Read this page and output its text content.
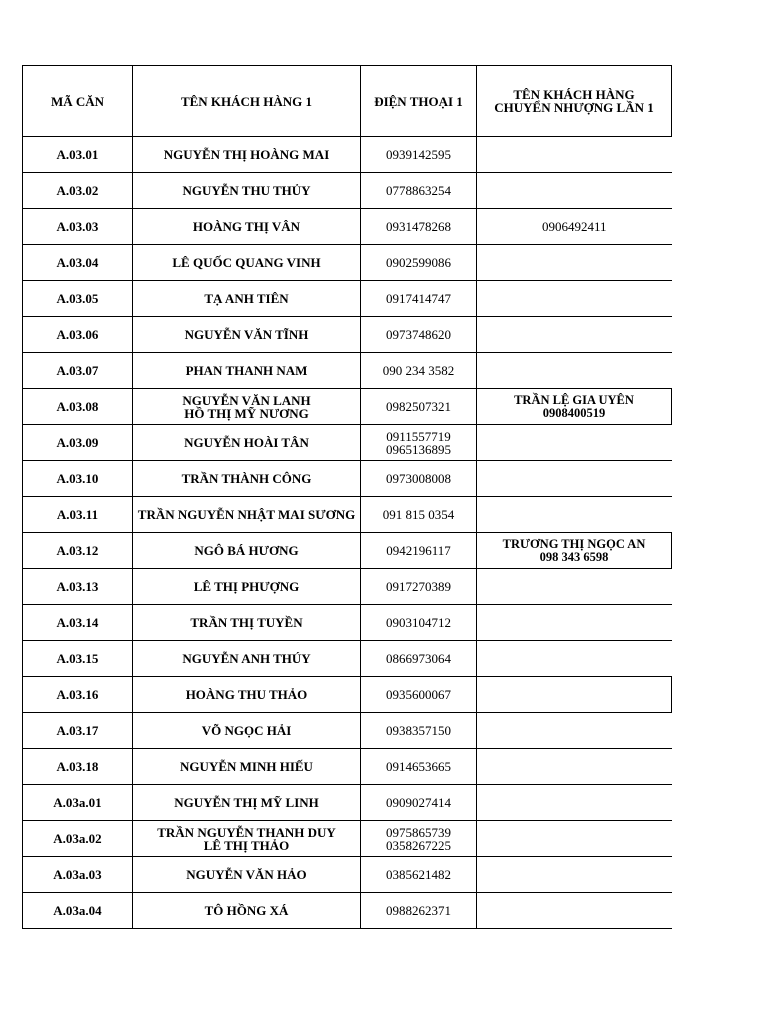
MÃ CĂN	TÊN KHÁCH HÀNG 1	ĐIỆN THOẠI 1	TÊN KHÁCH HÀNG
CHUYỂN NHƯỢNG LẦN 1

A.03.01	NGUYỄN THỊ HOÀNG MAI	0939142595	

A.03.02	NGUYỄN THU THỦY	0778863254	

A.03.03	HOÀNG THỊ VÂN	0931478268	0906492411

A.03.04	LÊ QUỐC QUANG VINH	0902599086	

A.03.05	TẠ ANH TIÊN	0917414747	

A.03.06	NGUYỄN VĂN TĨNH	0973748620	

A.03.07	PHAN THANH NAM	090 234 3582	

A.03.08	NGUYỄN VĂN LANH
HỒ THỊ MỸ NƯƠNG	0982507321	TRẦN LỆ GIA UYÊN
0908400519

A.03.09	NGUYỄN HOÀI TÂN	0911557719
0965136895	

A.03.10	TRẦN THÀNH CÔNG	0973008008	

A.03.11	TRẦN NGUYỄN NHẬT MAI SƯƠNG	091 815 0354	

A.03.12	NGÔ BÁ HƯƠNG	0942196117	TRƯƠNG THỊ NGỌC AN
098 343 6598

A.03.13	LÊ THỊ PHƯỢNG	0917270389	

A.03.14	TRẦN THỊ TUYỀN	0903104712	

A.03.15	NGUYỄN ANH THÚY	0866973064	

A.03.16	HOÀNG THU THẢO	0935600067	

A.03.17	VÕ NGỌC HẢI	0938357150	

A.03.18	NGUYỄN MINH HIẾU	0914653665	

A.03a.01	NGUYỄN THỊ MỸ LINH	0909027414	

A.03a.02	TRẦN NGUYỄN THANH DUY
LÊ THỊ THẢO	0975865739
0358267225	

A.03a.03	NGUYỄN VĂN HẢO	0385621482	

A.03a.04	TÔ HỒNG XÁ	0988262371	
